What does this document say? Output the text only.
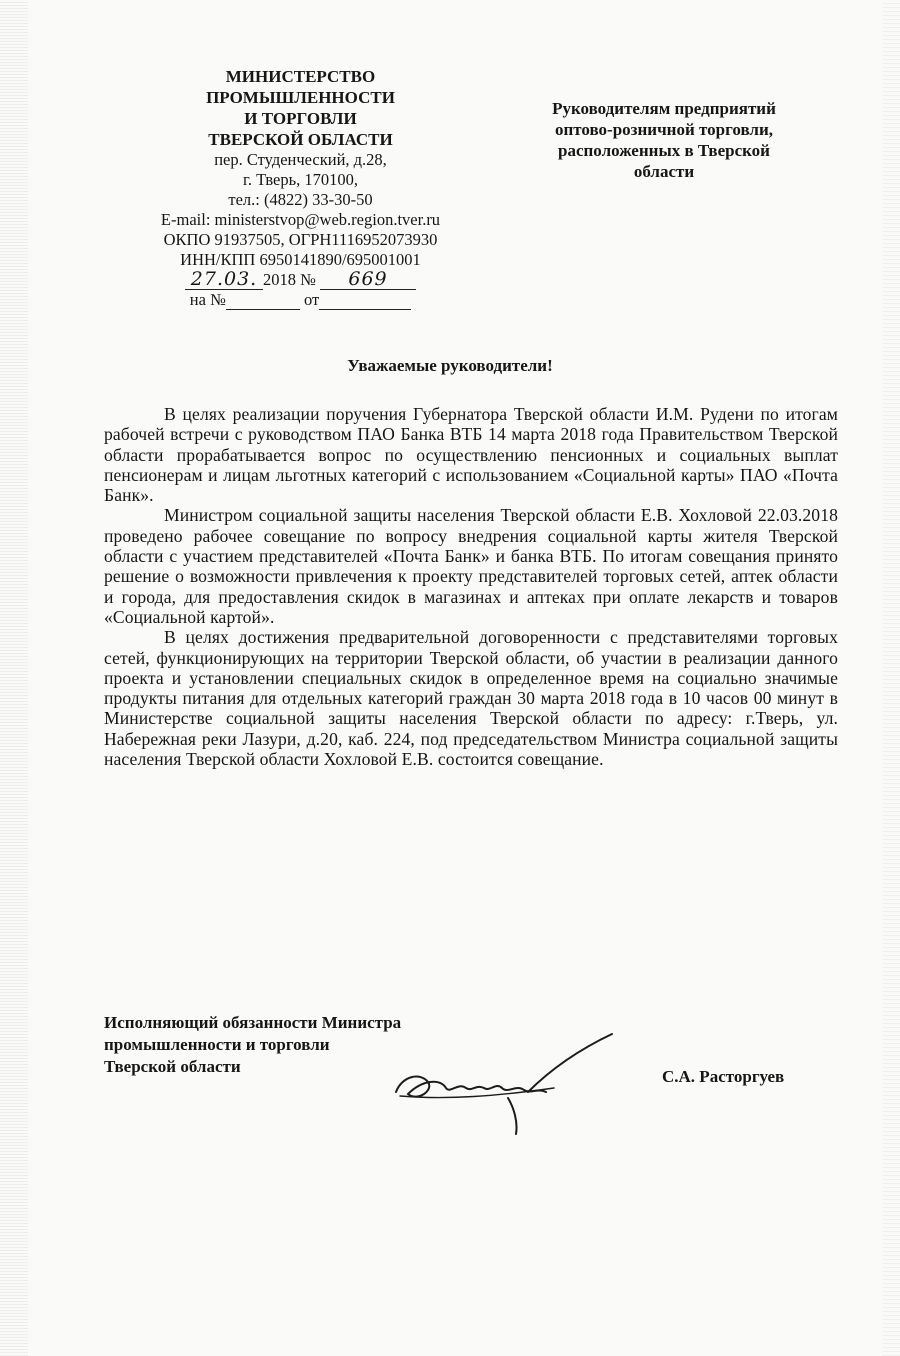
МИНИСТЕРСТВО
ПРОМЫШЛЕННОСТИ
И ТОРГОВЛИ
ТВЕРСКОЙ ОБЛАСТИ
пер. Студенческий, д.28,
г. Тверь, 170100,
тел.: (4822) 33-30-50
E-mail: ministerstvop@web.region.tver.ru
ОКПО 91937505, ОГРН1116952073930
ИНН/КПП 6950141890/695001001
27.03. 2018 № 669
на №	от
Руководителям предприятий
оптово-розничной торговли,
расположенных в Тверской
области
Уважаемые руководители!

В целях реализации поручения Губернатора Тверской области И.М. Рудени по итогам рабочей встречи с руководством ПАО Банка ВТБ 14 марта 2018 года Правительством Тверской области прорабатывается вопрос по осуществлению пенсионных и социальных выплат пенсионерам и лицам льготных категорий с использованием «Социальной карты» ПАО «Почта Банк».

Министром социальной защиты населения Тверской области Е.В. Хохловой 22.03.2018 проведено рабочее совещание по вопросу внедрения социальной карты жителя Тверской области с участием представителей «Почта Банк» и банка ВТБ. По итогам совещания принято решение о возможности привлечения к проекту представителей торговых сетей, аптек области и города, для предоставления скидок в магазинах и аптеках при оплате лекарств и товаров «Социальной картой».

В целях достижения предварительной договоренности с представителями торговых сетей, функционирующих на территории Тверской области, об участии в реализации данного проекта и установлении специальных скидок в определенное время на социально значимые продукты питания для отдельных категорий граждан 30 марта 2018 года в 10 часов 00 минут в Министерстве социальной защиты населения Тверской области по адресу: г.Тверь, ул. Набережная реки Лазури, д.20, каб. 224, под председательством Министра социальной защиты населения Тверской области Хохловой Е.В. состоится совещание.

Исполняющий обязанности Министра
промышленности и торговли
Тверской области
С.А. Расторгуев
